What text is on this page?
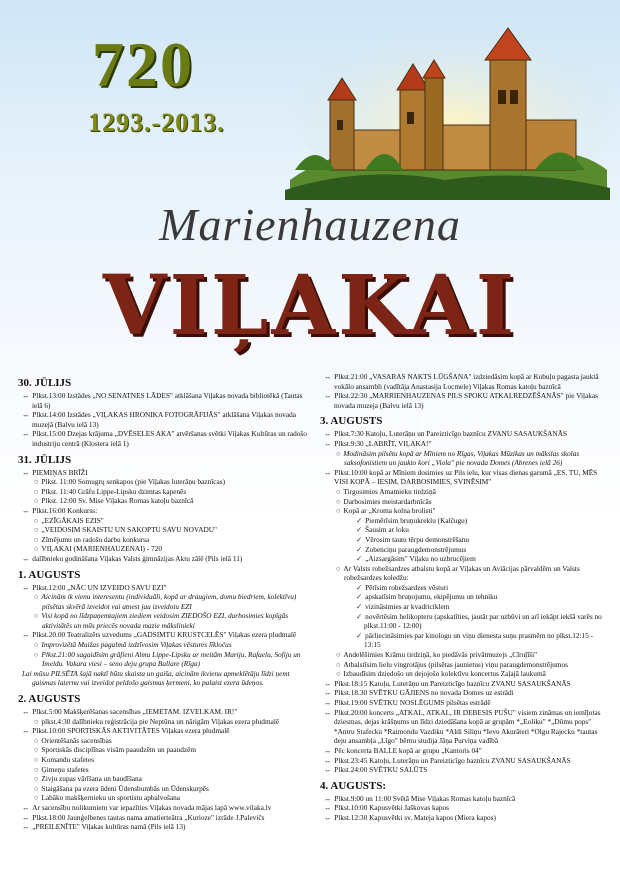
720
1293.-2013.
Marienhauzena
VIĻAKAI
30. JŪLIJS
↔ Plkst.13:00 Izstādes „NO SENATNES LĀDES" atklāšana Viļakas novada bibliotēkā (Tautas ielā 6)
↔ Plkst.14:00 Izstādes „VIĻAKAS HRONIKA FOTOGRĀFIJĀS" atklāšana Viļakas novada muzejā (Balvu ielā 13)
↔ Plkst.15:00 Dzejas krājuma „DVĒSELES AKA" atvēršanas svētki Viļakas Kultūras un radošo industriju centrā (Klostera ielā 1)
31. JŪLIJS
↔ PIEMIŅAS BRĪŽI
○ Plkst. 11:00 Somugrų senkapos (pie Viļakas luterāņu baznīcas)
○ Plkst. 11:40 Grāfu Lippe-Lipsku dzimtas kapenēs
○ Plkst. 12:00 Sv. Mise Viļakas Romas katoļu baznīcā
↔ Plkst.16:00 Konkurss:
○ „EZĪGĀKAIS EZIS"
○ „VEIDOSIM SKAISTU UN SAKOPTU SAVU NOVADU"
○ Zīmējumu un radošo darbu konkursa
○ VIĻAKAI (MARIENHAUZENAI) - 720
↔ dalībnieku godināšana Viļakas Valsts ģimnāzijas Aktu zālē (Pils ielā 11)
1. AUGUSTS
↔ Plkst.12:00 „NĀC UN IZVEIDO SAVU EZI"
○ Aicinām ik vienu interesentu (individuāli, kopā ar draugiem, domu biedriem, kolektīvu) pilsētas skvērā izveidot vai atnest jau izveidotu EZI
○ Visi kopā no līdzpaņemtajiem ziediem veidosim ZIEDOŠO EZI, darbosimies kopīgās aktivitātēs un mūs priecēs novada mazie mākslinieki
↔ Plkst.20.00 Teatralizēts uzvedums „GADSIMTU KRUSTCELĒS" Viļakas ezera pludmalē
○ Improvizētā Muižas pagalmā izdzīvosim Viļakas vēstures līkločus
○ Plkst.21:00 sagaidīsim grāfieni Almu Lippe-Lipsku ar meitām Mariju, Rafaelu, Sofiju un Imeldu. Vakara viesi – seno deju grupa Ballare (Rīga)
Lai mūsu PILSĒTA šajā naktī būtu skaista un gaiša, aicinām ikvienu apmeklētāju līdzi ņemt gaismas laternu vai izveidot peldošo gaismas ķermeni, ko palaist ezera ūdeņos.
2. AUGUSTS
↔ Plkst.5:00 Makšķerēšanas sacensības „IEMETAM. IZVELKAM. IR!"
○ plkst.4:30 dalībnieku reģistrācija pie Neptūna un nārigām Viļakas ezera pludmalē
↔ Plkst.10:00 SPORTISKĀS AKTIVITĀTES Viļakas ezera pludmalē
○ Orientēšanās sacensības
○ Sportiskās disciplīnas visām paaudzēm un paaudzēm
○ Komandu stafetes
○ Ģimeņu stafetes
○ Zivju zupas vārīšana un baudīšana
○ Staigāšana pa ezera ūdeni Ūdensbumbās un Ūdenskurpēs
○ Labāko makšķernieku un sportistu apbalvošana
↔ Ar sacensību nolikumiem var iepazīties Viļakas novada mājas lapā www.vilaka.lv
↔ Plkst.18:00 Jaunģelbenes tautas nama amatierteātra „Kurioze" izrāde J.Palevičs
↔ „PREILENĪTE" Viļakas kultūras namā (Pils ielā 13)
↔ Plkst.21:00 „VASARAS NAKTS LŪGŠANA" izdziedāsim kopā ar Kubuļu pagasta jauktā vokālo ansambli (vadītāja Anastasija Locmele) Viļakas Romas katoļu baznīcā
↔ Plkst.22:30 „MARRIENHAUZENAS PILS SPOKU ATKALREDZĒŠANĀS" pie Viļakas novada muzeja (Balvu ielā 13)
3. AUGUSTS
↔ Plkst.7:30 Katoļu, Luterāņu un Pareizticīgo baznīcu ZVANU SASAUKŠANĀS
↔ Plkst.9:30 „LABRĪT, VIĻAKA!"
○ Modināsim pilsētu kopā ar Mīniem no Rīgas, Viļakas Mūzikas un mākslas skolas saksofonistiem un jaukto kori „Viola" pie novada Domes (Abrenes ielā 26)
↔ Plkst.10:00 kopā ar Mīniem dosimies uz Pils ielu, kur visas dienas garumā „ES, TU, MĒS VISI KOPĀ – IESIM, DARBOSIMIES, SVINĒSIM"
○ Tirgosimies Amatnieku tirdziņā
○ Darbosimies meistardarbnīcās
○ Kopā ar „Kroma kolna brolisti"
✓ Piemērīsim bruņukreklu (Kalčugu)
✓ Šausim ar loku
✓ Vērosim tautu tērpu demonstrēšanu
✓ Zobenciņu paraugdemonstrējumus
✓ „Aizsargāsim" Viļaku no uzbrucējiem
○ Ar Valsts robežsardzes atbalstu kopā ar Viļakas un Aviācijas pārvaldēm un Valsts robežsardzes koledžu:
✓ Pētīsim robežsardzes vēsturi
✓ apskatīsim bruņojumu, ekipējumu un tehniku
✓ vizināsimies ar kvadriciklem
✓ novērtēsim helikopteru (apskatīties, jautāt par uzbūvi un arī iekāpt iekšā varēs no plkst.11:00 - 12:00)
✓ pārliecināsimies par kinologu un viņu dienesta suņu prasmēm no plkst.12:15 - 13:15
○ Andelēšimies Krāmu tirdziņā, ko piedāvās privātmuzejs „Cīruļīši"
○ Atbalstīsim lielu vingrotājus (pilsētas jaunietus) viņu paraugdemonstrējumos
○ Izbaudīsim dziedošo un dejojošo kolektīvu koncertus Zaļajā laukumā
↔ Plkst.18:15 Katoļu, Luterāņu un Pareizticīgo baznīcu ZVANU SASAUKŠANĀS
↔ Plkst.18.30 SVĒTKU GĀJIENS no novada Domes uz estrādi
↔ Plkst.19:00 SVĒTKU NOSLĒGUMS pilsētas estrādē
↔ Plkst.20:00 koncerts „ATKAL, ATKAL, IR DEBESIS PUŠU" visiem zināmas un iemīļotas dziesmas, dejas krāšņums un līdzi dziedāšana kopā ar grupām *„Eoliku" *„Dūmu pops" *Antru Stafecku *Raimondu Vazdiku *Aldi Siliņu *Ievu Akurāteri *Olgu Rajecku *tautas deju ansambļa „Līgo" bērnu studija Jāņa Purviņa vadībā
↔ Pēc koncerta BALLE kopā ar grupu „Kantoris 04"
↔ Plkst.23:45 Katoļu, Luterāņu un Pareizticīgo baznīcu ZVANU SASAUKŠANĀS
↔ Plkst.24:00 SVĒTKU SALŪTS
4. AUGUSTS:
↔ Plkst.9:00 un 11:00 Svētā Mise Viļakas Romas katoļu baznīcā
↔ Plkst.10:00 Kapusvētki Jaškovas kapos
↔ Plkst.12:30 Kapusvētki sv. Mateja kapos (Miera kapos)
